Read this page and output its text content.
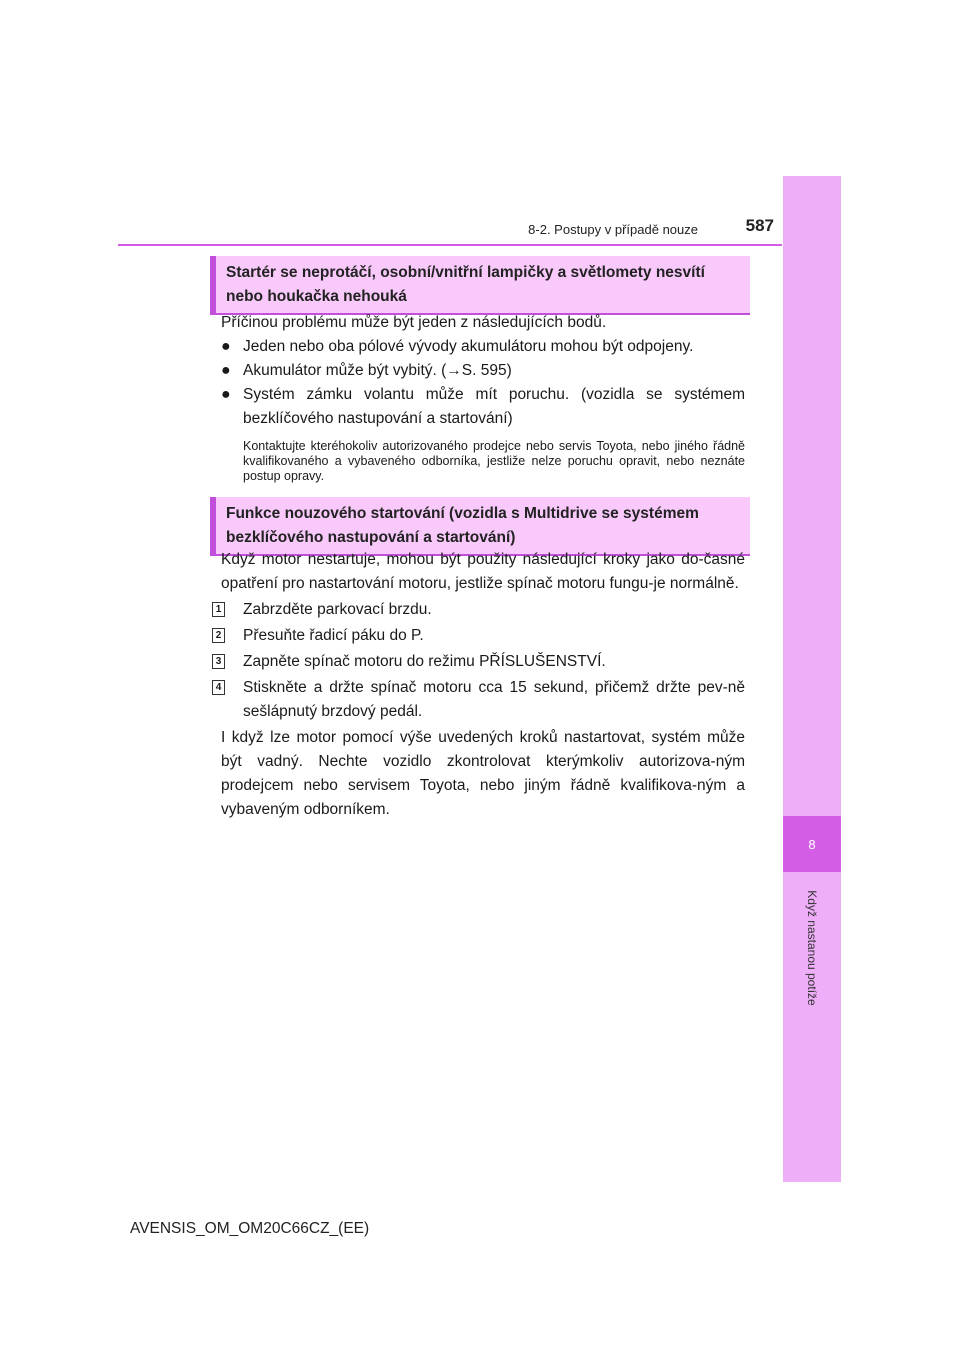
8
Když nastanou potíže
8-2. Postupy v případě nouze	587
Startér se neprotáčí, osobní/vnitřní lampičky a světlomety nesvítí nebo houkačka nehouká

Příčinou problému může být jeden z následujících bodů.

● Jeden nebo oba pólové vývody akumulátoru mohou být odpojeny.
● Akumulátor může být vybitý. (→S. 595)
● Systém zámku volantu může mít poruchu. (vozidla se systémem bezklíčového nastupování a startování)

Kontaktujte kteréhokoliv autorizovaného prodejce nebo servis Toyota, nebo jiného řádně kvalifikovaného a vybaveného odborníka, jestliže nelze poruchu opravit, nebo neznáte postup opravy.

Funkce nouzového startování (vozidla s Multidrive se systémem bezklíčového nastupování a startování)

Když motor nestartuje, mohou být použity následující kroky jako do-časné opatření pro nastartování motoru, jestliže spínač motoru fungu-je normálně.

1 Zabrzděte parkovací brzdu.
2 Přesuňte řadicí páku do P.
3 Zapněte spínač motoru do režimu PŘÍSLUŠENSTVÍ.
4 Stiskněte a držte spínač motoru cca 15 sekund, přičemž držte pev-ně sešlápnutý brzdový pedál.

I když lze motor pomocí výše uvedených kroků nastartovat, systém může být vadný. Nechte vozidlo zkontrolovat kterýmkoliv autorizova-ným prodejcem nebo servisem Toyota, nebo jiným řádně kvalifikova-ným a vybaveným odborníkem.

AVENSIS_OM_OM20C66CZ_(EE)
